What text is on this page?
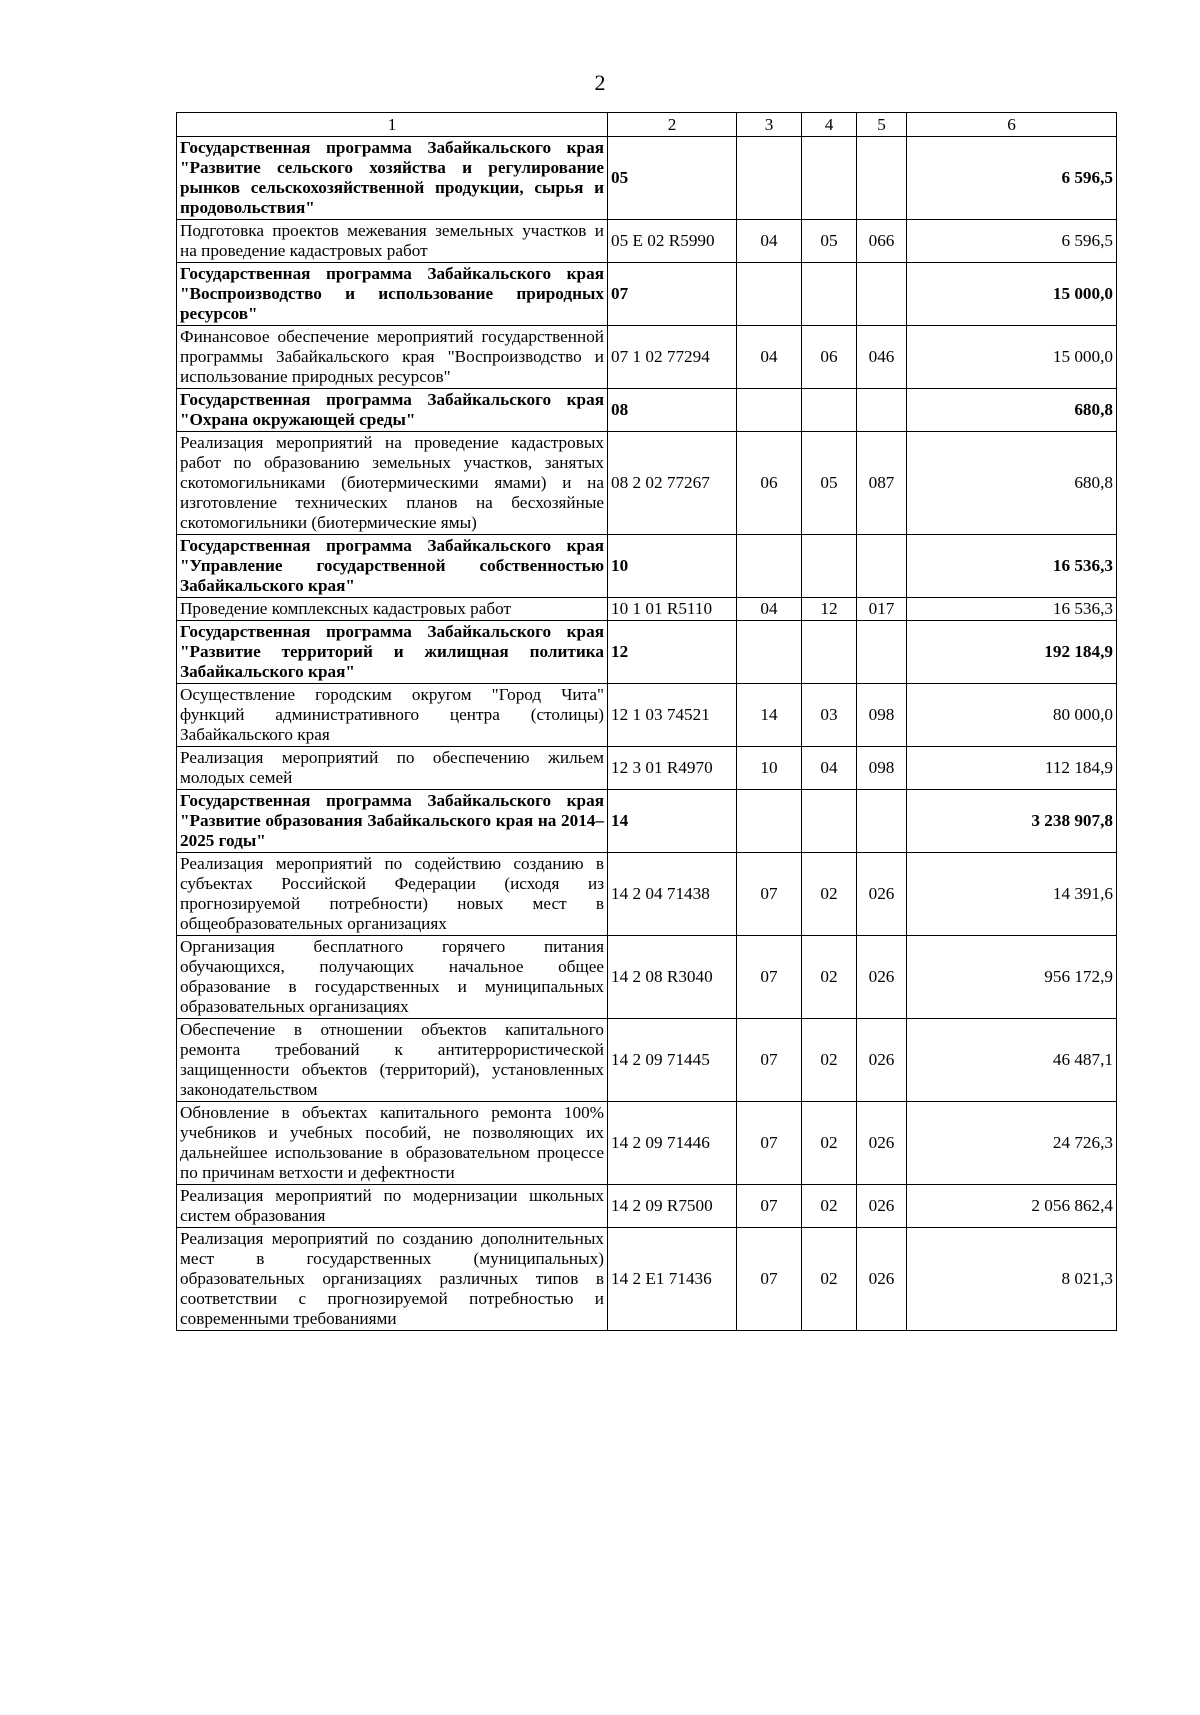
2
1	2	3	4	5	6
Государственная программа Забайкальского края "Развитие сельского хозяйства и регулирование рынков сельскохозяйственной продукции, сырья и продовольствия"	05				6 596,5
Подготовка проектов межевания земельных участков и на проведение кадастровых работ	05 Е 02 R5990	04	05	066	6 596,5
Государственная программа Забайкальского края "Воспроизводство и использование природных ресурсов"	07				15 000,0
Финансовое обеспечение мероприятий государственной программы Забайкальского края "Воспроизводство и использование природных ресурсов"	07 1 02 77294	04	06	046	15 000,0
Государственная программа Забайкальского края "Охрана окружающей среды"	08				680,8
Реализация мероприятий на проведение кадастровых работ по образованию земельных участков, занятых скотомогильниками (биотермическими ямами) и на изготовление технических планов на бесхозяйные скотомогильники (биотермические ямы)	08 2 02 77267	06	05	087	680,8
Государственная программа Забайкальского края "Управление государственной собственностью Забайкальского края"	10				16 536,3
Проведение комплексных кадастровых работ	10 1 01 R5110	04	12	017	16 536,3
Государственная программа Забайкальского края "Развитие территорий и жилищная политика Забайкальского края"	12				192 184,9
Осуществление городским округом "Город Чита" функций административного центра (столицы) Забайкальского края	12 1 03 74521	14	03	098	80 000,0
Реализация мероприятий по обеспечению жильем молодых семей	12 3 01 R4970	10	04	098	112 184,9
Государственная программа Забайкальского края "Развитие образования Забайкальского края на 2014–2025 годы"	14				3 238 907,8
Реализация мероприятий по содействию созданию в субъектах Российской Федерации (исходя из прогнозируемой потребности) новых мест в общеобразовательных организациях	14 2 04 71438	07	02	026	14 391,6
Организация бесплатного горячего питания обучающихся, получающих начальное общее образование в государственных и муниципальных образовательных организациях	14 2 08 R3040	07	02	026	956 172,9
Обеспечение в отношении объектов капитального ремонта требований к антитеррористической защищенности объектов (территорий), установленных законодательством	14 2 09 71445	07	02	026	46 487,1
Обновление в объектах капитального ремонта 100% учебников и учебных пособий, не позволяющих их дальнейшее использование в образовательном процессе по причинам ветхости и дефектности	14 2 09 71446	07	02	026	24 726,3
Реализация мероприятий по модернизации школьных систем образования	14 2 09 R7500	07	02	026	2 056 862,4
Реализация мероприятий по созданию дополнительных мест в государственных (муниципальных) образовательных организациях различных типов в соответствии с прогнозируемой потребностью и современными требованиями	14 2 Е1 71436	07	02	026	8 021,3
